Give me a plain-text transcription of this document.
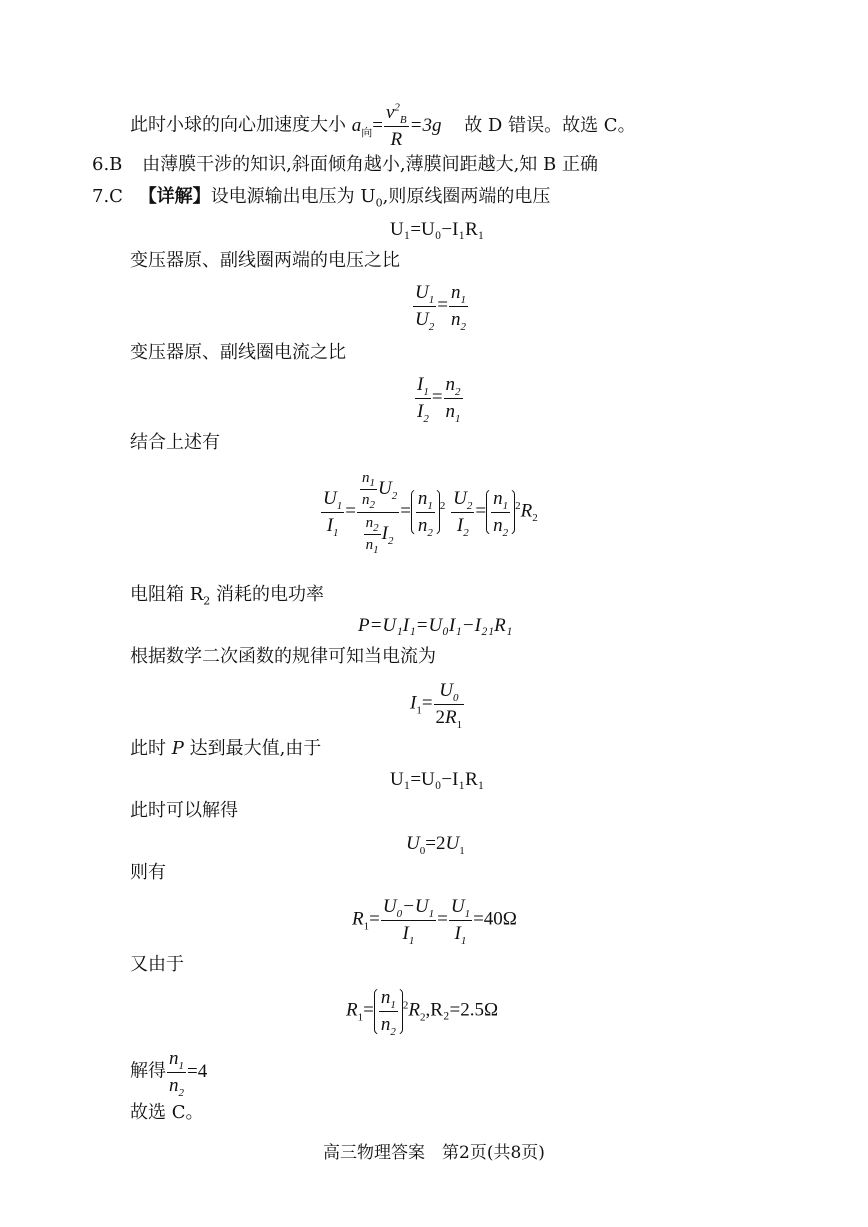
此时小球的向心加速度大小 $a_向= \frac{v^2_B}{R} =3g$ 故 D 错误。故选 C。
6.B 由薄膜干涉的知识,斜面倾角越小,薄膜间距越大,知 B 正确
7.C 【详解】设电源输出电压为 $U_0$,则原线圈两端的电压
U₁=U₀−I₁R₁
变压器原、副线圈两端的电压之比
$\frac{U_1}{U_2} = \frac{n_1}{n_2}$
变压器原、副线圈电流之比
$\frac{I_1}{I_2} = \frac{n_2}{n_1}$
结合上述有
$\frac{U_1}{I_1} = \frac{\frac{n_1}{n_2} U_2}{\frac{n_2}{n_1} I_2} = \frac{n_1}{n_2} ^2 \frac{U_2}{I_2} = \frac{n_1}{n_2} ^2R_2$
电阻箱 $R_2$ 消耗的电功率
P=U₁I₁=U₀I₁−I₂₁R₁
根据数学二次函数的规律可知当电流为
$I_1= \frac{U_0}{2R_1}$
此时 P 达到最大值,由于
U₁=U₀−I₁R₁
此时可以解得
$U_0=2U_1$
则有
$R_1= \frac{U_0-U_1}{I_1} = \frac{U_1}{I_1} =40\Omega$
又由于
$R_1= \frac{n_1}{n_2} ^2R_2,R_2=2.5\Omega$
解得 $\frac{n_1}{n_2} =4$
故选 C。
高三物理答案　第2页(共8页)
